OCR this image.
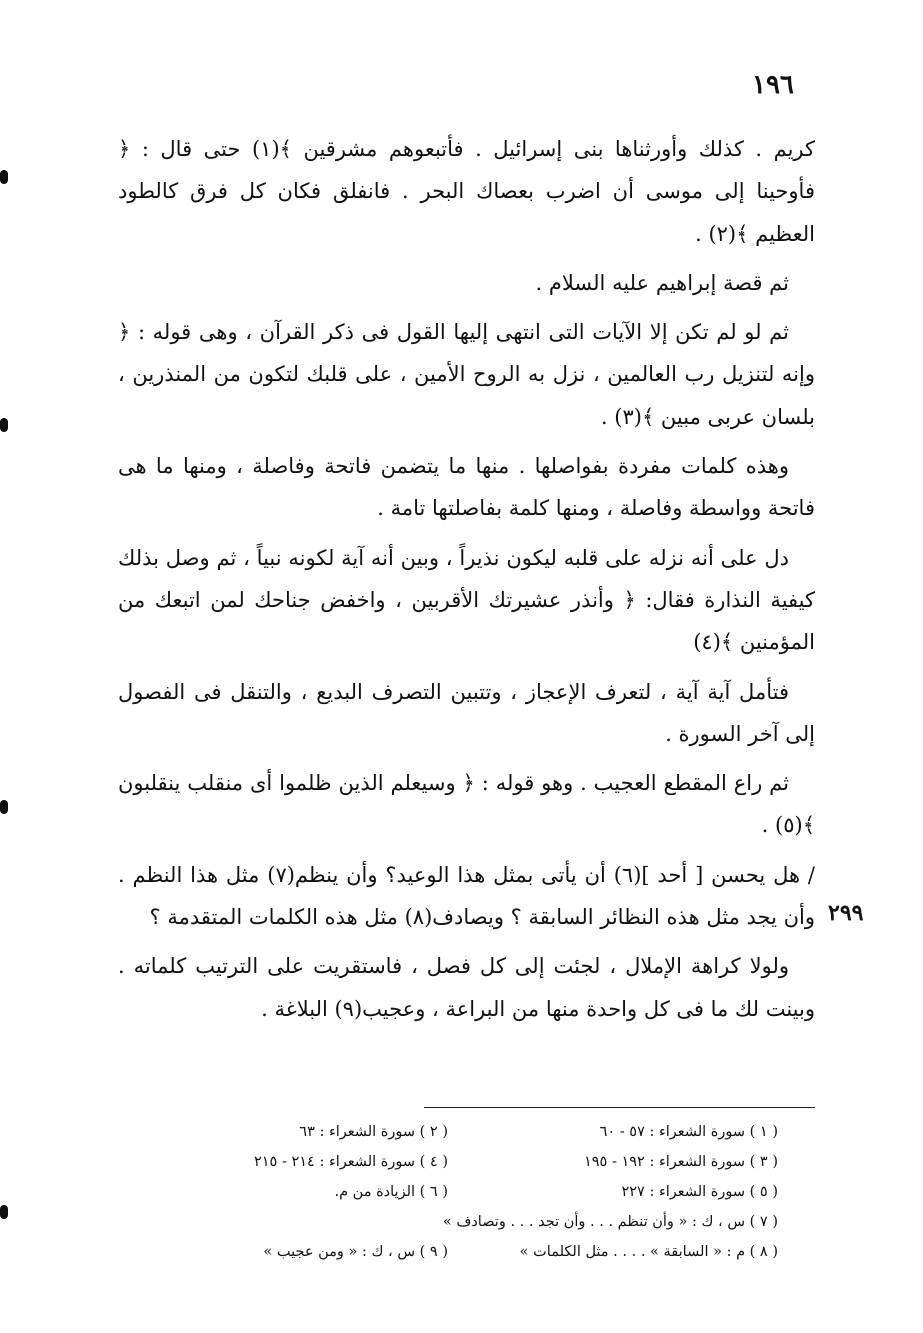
١٩٦

كريم . كذلك وأورثناها بنى إسرائيل . فأتبعوهم مشرقين ﴾(١) حتى قال : ﴿ فأوحينا إلى موسى أن اضرب بعصاك البحر . فانفلق فكان كل فرق كالطود العظيم ﴾(٢) .

ثم قصة إبراهيم عليه السلام .

ثم لو لم تكن إلا الآيات التى انتهى إليها القول فى ذكر القرآن ، وهى قوله : ﴿ وإنه لتنزيل رب العالمين ، نزل به الروح الأمين ، على قلبك لتكون من المنذرين ، بلسان عربى مبين ﴾(٣) .

وهذه كلمات مفردة بفواصلها . منها ما يتضمن فاتحة وفاصلة ، ومنها ما هى فاتحة وواسطة وفاصلة ، ومنها كلمة بفاصلتها تامة .

دل على أنه نزله على قلبه ليكون نذيراً ، وبين أنه آية لكونه نبياً ، ثم وصل بذلك كيفية النذارة فقال: ﴿ وأنذر عشيرتك الأقربين ، واخفض جناحك لمن اتبعك من المؤمنين ﴾(٤)

فتأمل آية آية ، لتعرف الإعجاز ، وتتبين التصرف البديع ، والتنقل فى الفصول إلى آخر السورة .

ثم راع المقطع العجيب . وهو قوله : ﴿ وسيعلم الذين ظلموا أى منقلب ينقلبون ﴾(٥) .

/ هل يحسن [ أحد ](٦) أن يأتى بمثل هذا الوعيد؟ وأن ينظم(٧) مثل هذا النظم . وأن يجد مثل هذه النظائر السابقة ؟ ويصادف(٨) مثل هذه الكلمات المتقدمة ؟

ولولا كراهة الإملال ، لجئت إلى كل فصل ، فاستقريت على الترتيب كلماته . وبينت لك ما فى كل واحدة منها من البراعة ، وعجيب(٩) البلاغة .

٢٩٩
( ١ ) سورة الشعراء : ٥٧ - ٦٠
( ٢ ) سورة الشعراء : ٦٣
( ٣ ) سورة الشعراء : ١٩٢ - ١٩٥
( ٤ ) سورة الشعراء : ٢١٤ - ٢١٥
( ٥ ) سورة الشعراء : ٢٢٧
( ٦ ) الزيادة من م.
( ٧ ) س ، ك : « وأن تنظم . . . وأن تجد . . . وتصادف »
( ٨ ) م : « السابقة » . . . . مثل الكلمات »
( ٩ ) س ، ك : « ومن عجيب »
